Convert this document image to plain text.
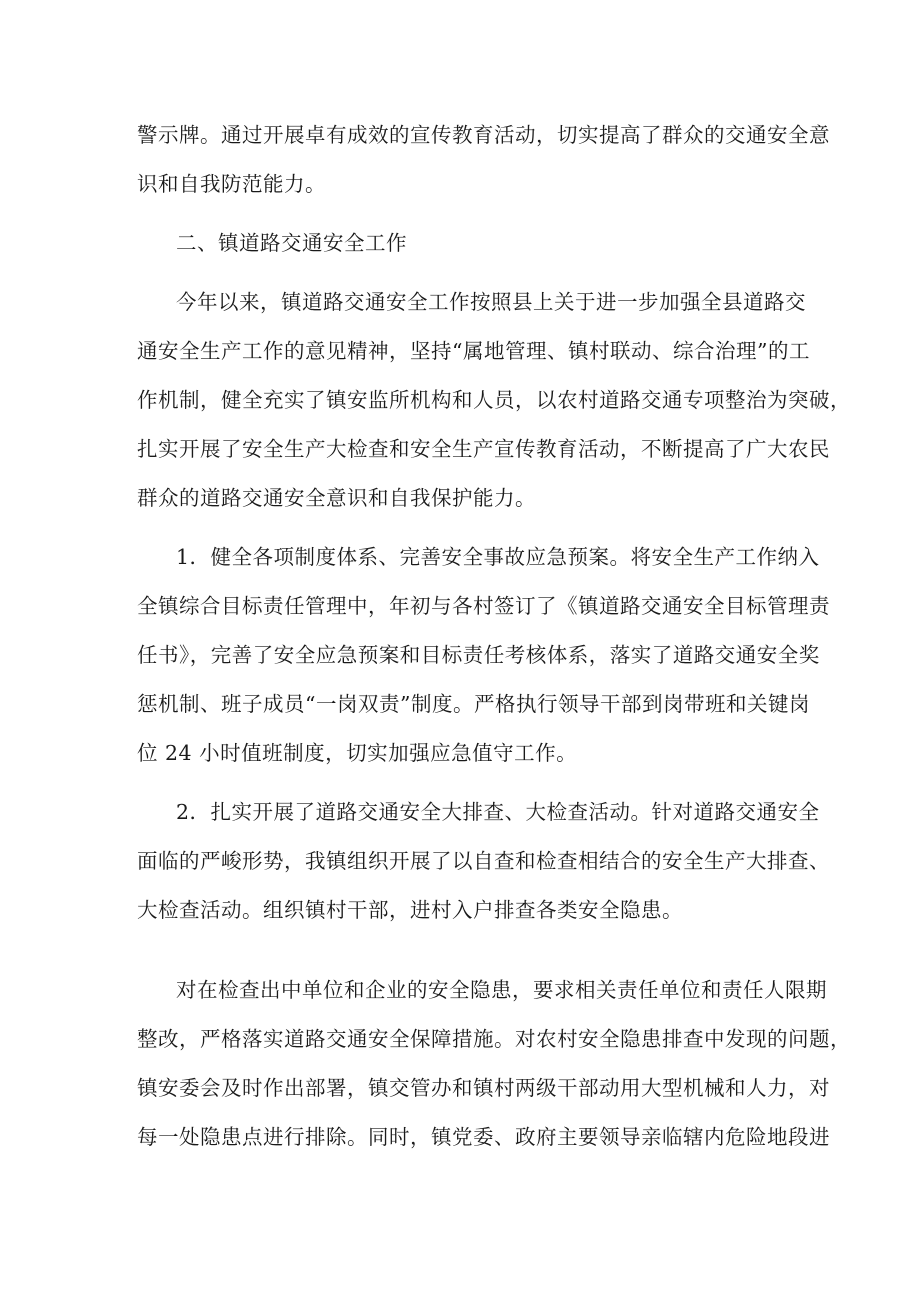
警示牌。通过开展卓有成效的宣传教育活动，切实提高了群众的交通安全意
识和自我防范能力。
二、镇道路交通安全工作
今年以来，镇道路交通安全工作按照县上关于进一步加强全县道路交
通安全生产工作的意见精神，坚持“属地管理、镇村联动、综合治理”的工
作机制，健全充实了镇安监所机构和人员，以农村道路交通专项整治为突破，
扎实开展了安全生产大检查和安全生产宣传教育活动，不断提高了广大农民
群众的道路交通安全意识和自我保护能力。
1．健全各项制度体系、完善安全事故应急预案。将安全生产工作纳入
全镇综合目标责任管理中，年初与各村签订了《镇道路交通安全目标管理责
任书》，完善了安全应急预案和目标责任考核体系，落实了道路交通安全奖
惩机制、班子成员“一岗双责”制度。严格执行领导干部到岗带班和关键岗
位 24 小时值班制度，切实加强应急值守工作。
2．扎实开展了道路交通安全大排查、大检查活动。针对道路交通安全
面临的严峻形势，我镇组织开展了以自查和检查相结合的安全生产大排查、
大检查活动。组织镇村干部，进村入户排查各类安全隐患。
对在检查出中单位和企业的安全隐患，要求相关责任单位和责任人限期
整改，严格落实道路交通安全保障措施。对农村安全隐患排查中发现的问题，
镇安委会及时作出部署，镇交管办和镇村两级干部动用大型机械和人力，对
每一处隐患点进行排除。同时，镇党委、政府主要领导亲临辖内危险地段进
